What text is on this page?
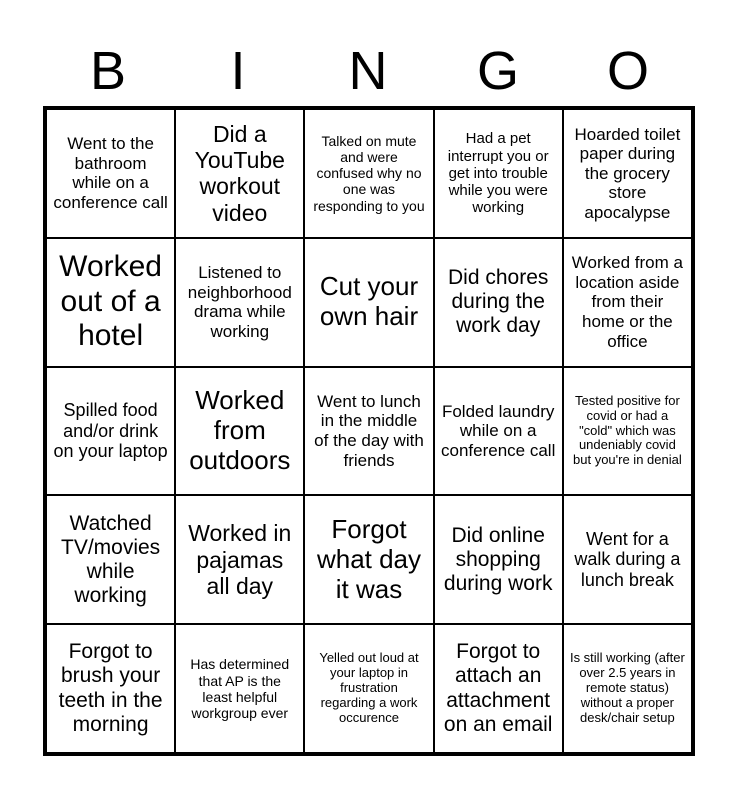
B	I	N	G	O
Went to the bathroom while on a conference call
Did a YouTube workout video
Talked on mute and were confused why no one was responding to you
Had a pet interrupt you or get into trouble while you were working
Hoarded toilet paper during the grocery store apocalypse
Worked out of a hotel
Listened to neighborhood drama while working
Cut your own hair
Did chores during the work day
Worked from a location aside from their home or the office
Spilled food and/or drink on your laptop
Worked from outdoors
Went to lunch in the middle of the day with friends
Folded laundry while on a conference call
Tested positive for covid or had a "cold" which was undeniably covid but you're in denial
Watched TV/movies while working
Worked in pajamas all day
Forgot what day it was
Did online shopping during work
Went for a walk during a lunch break
Forgot to brush your teeth in the morning
Has determined that AP is the least helpful workgroup ever
Yelled out loud at your laptop in frustration regarding a work occurence
Forgot to attach an attachment on an email
Is still working (after over 2.5 years in remote status) without a proper desk/chair setup
